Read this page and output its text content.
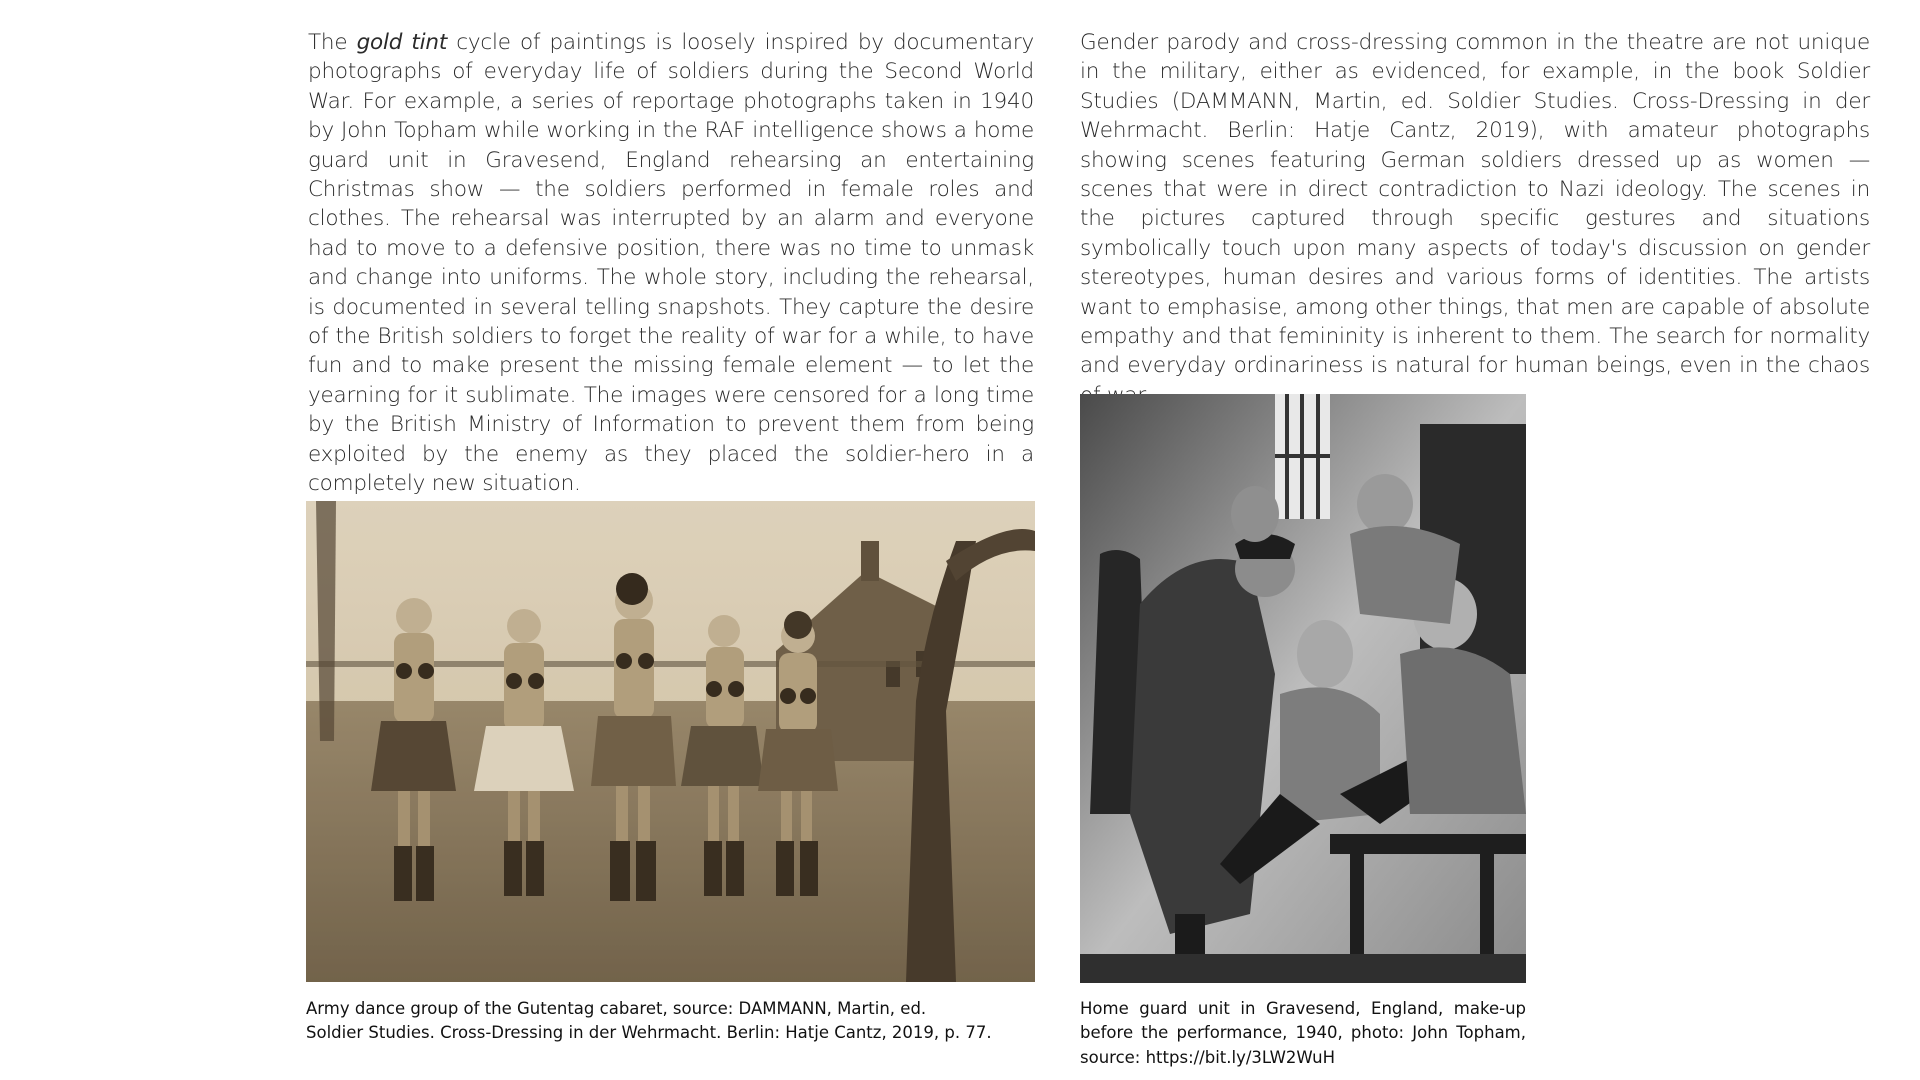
The gold tint cycle of paintings is loosely inspired by documentary photographs of everyday life of soldiers during the Second World War. For example, a series of reportage photographs taken in 1940 by John Topham while working in the RAF intelligence shows a home guard unit in Gravesend, England rehearsing an entertaining Christmas show — the soldiers performed in female roles and clothes. The rehearsal was interrupted by an alarm and everyone had to move to a defensive position, there was no time to unmask and change into uniforms. The whole story, including the rehearsal, is documented in several telling snapshots. They capture the desire of the British soldiers to forget the reality of war for a while, to have fun and to make present the missing female element — to let the yearning for it sublimate. The images were censored for a long time by the British Ministry of Information to prevent them from being exploited by the enemy as they placed the soldier-hero in a completely new situation.

Gender parody and cross-dressing common in the theatre are not unique in the military, either as evidenced, for example, in the book Soldier Studies (DAMMANN, Martin, ed. Soldier Studies. Cross-Dressing in der Wehrmacht. Berlin: Hatje Cantz, 2019), with amateur photographs showing scenes featuring German soldiers dressed up as women — scenes that were in direct contradiction to Nazi ideology. The scenes in the pictures captured through specific gestures and situations symbolically touch upon many aspects of today's discussion on gender stereotypes, human desires and various forms of identities. The artists want to emphasise, among other things, that men are capable of absolute empathy and that femininity is inherent to them. The search for normality and everyday ordinariness is natural for human beings, even in the chaos

Army dance group of the Gutentag cabaret, source: DAMMANN, Martin, ed.
Soldier Studies. Cross-Dressing in der Wehrmacht. Berlin: Hatje Cantz, 2019, p. 77.

Home guard unit in Gravesend, England, make-up before the performance, 1940, photo: John Topham, source: https://bit.ly/3LW2WuH
